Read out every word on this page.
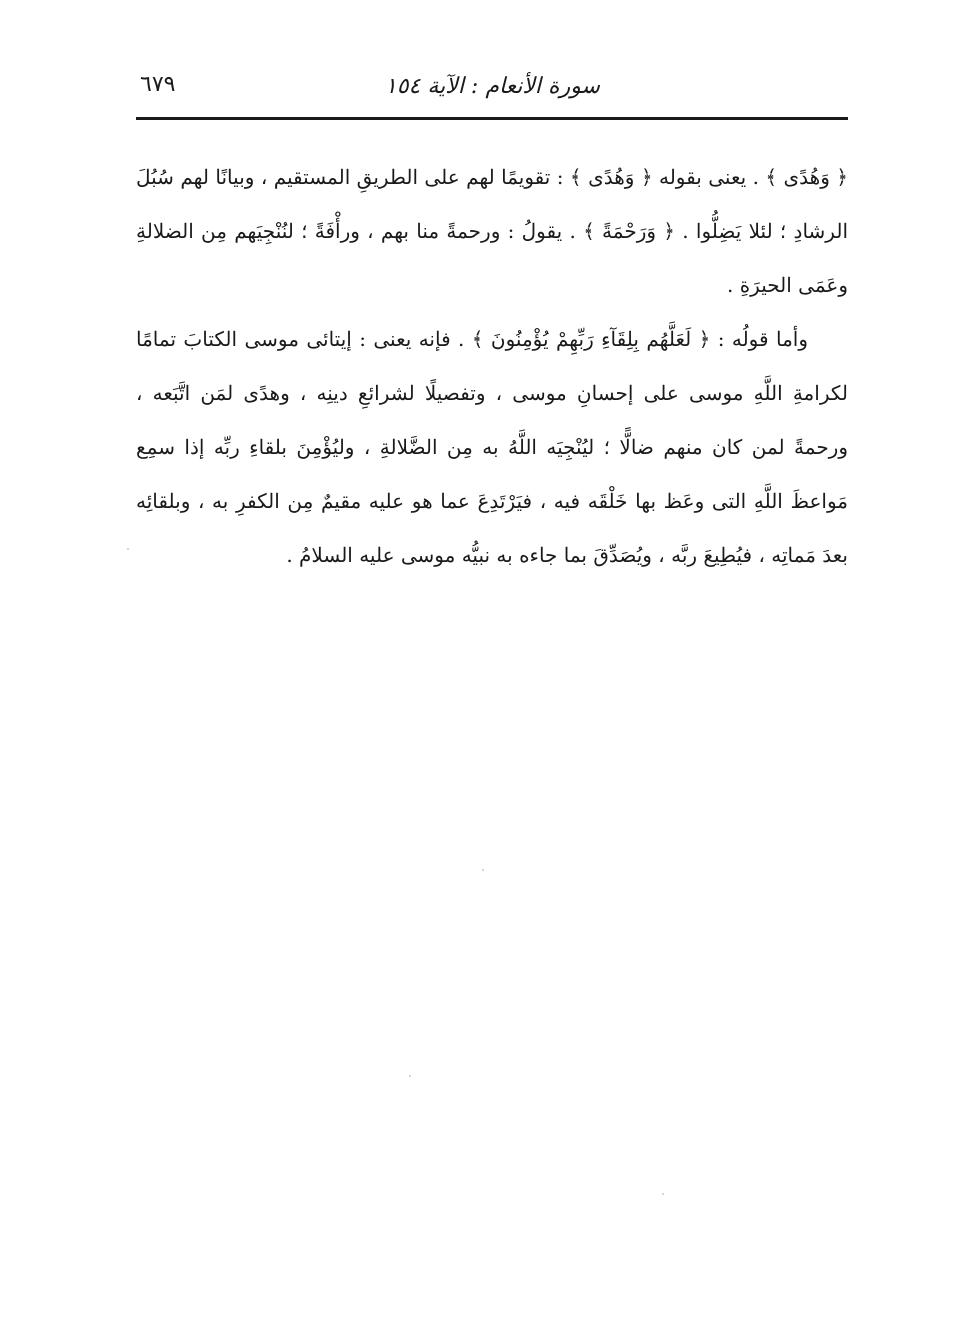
سورة الأنعام : الآية ١٥٤
٦٧٩

﴿ وَهُدًى ﴾ . يعنى بقوله ﴿ وَهُدًى ﴾ : تقويمًا لهم على الطريقِ المستقيم ، وبيانًا لهم سُبُلَ الرشادِ ؛ لئلا يَضِلُّوا . ﴿ وَرَحْمَةً ﴾ . يقولُ : ورحمةً منا بهم ، ورأْفَةً ؛ لنُنْجِيَهم مِن الضلالةِ وعَمَى الحيرَةِ .

وأما قولُه : ﴿ لَعَلَّهُم بِلِقَآءِ رَبِّهِمْ يُؤْمِنُونَ ﴾ . فإنه يعنى : إيتائى موسى الكتابَ تمامًا لكرامةِ اللَّهِ موسى على إحسانِ موسى ، وتفصيلًا لشرائعِ دينِه ، وهدًى لمَن اتَّبَعه ، ورحمةً لمن كان منهم ضالًّا ؛ ليُنْجِيَه اللَّهُ به مِن الضَّلالةِ ، وليُؤْمِنَ بلقاءِ ربِّه إذا سمِع مَواعظَ اللَّهِ التى وعَظ بها خَلْقَه فيه ، فيَرْتَدِعَ عما هو عليه مقيمٌ مِن الكفرِ به ، وبلقائِه بعدَ مَماتِه ، فيُطِيعَ ربَّه ، ويُصَدِّقَ بما جاءه به نبيُّه موسى عليه السلامُ .
